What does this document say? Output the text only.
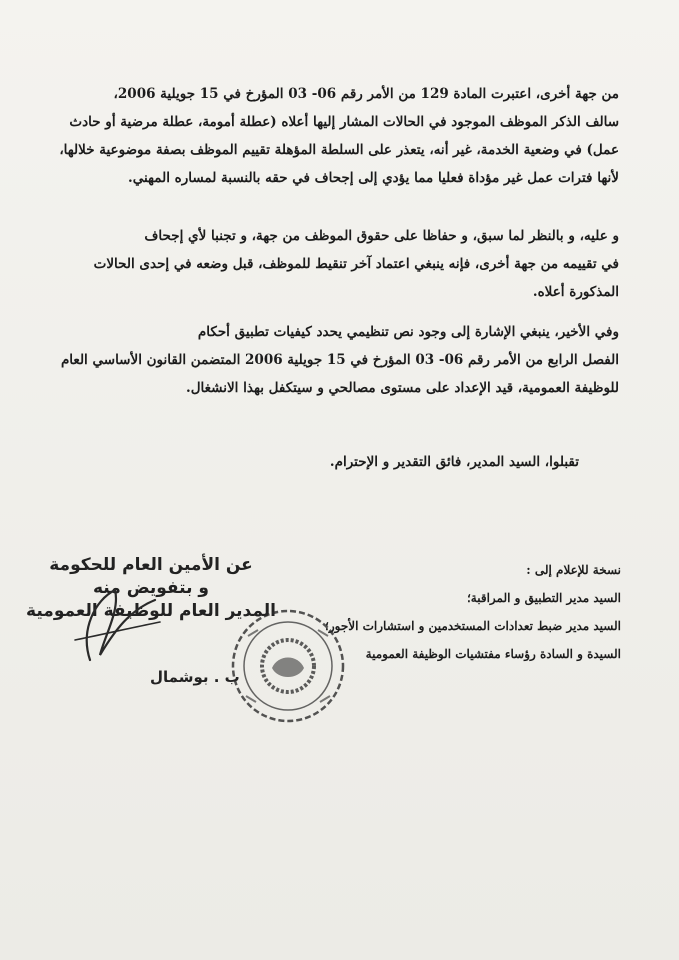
من جهة أخرى، اعتبرت المادة 129 من الأمر رقم 06- 03 المؤرخ في 15 جويلية 2006،

سالف الذكر الموظف الموجود في الحالات المشار إليها أعلاه (عطلة أمومة، عطلة مرضية أو حادث

عمل) في وضعية الخدمة، غير أنه، يتعذر على السلطة المؤهلة تقييم الموظف بصفة موضوعية خلالها،

لأنها فترات عمل غير مؤداة فعليا مما يؤدي إلى إجحاف في حقه بالنسبة لمساره المهني.

و عليه، و بالنظر لما سبق، و حفاظا على حقوق الموظف من جهة، و تجنبا لأي إجحاف

في تقييمه من جهة أخرى، فإنه ينبغي اعتماد آخر تنقيط للموظف، قبل وضعه في إحدى الحالات

المذكورة أعلاه.

وفي الأخير، ينبغي الإشارة إلى وجود نص تنظيمي يحدد كيفيات تطبيق أحكام

الفصل الرابع من الأمر رقم 06- 03 المؤرخ في 15 جويلية 2006 المتضمن القانون الأساسي العام

للوظيفة العمومية، قيد الإعداد على مستوى مصالحي و سيتكفل بهذا الانشغال.

تقبلوا، السيد المدير، فائق التقدير و الإحترام.
نسخة للإعلام إلى :
السيد مدير التطبيق و المراقبة؛
السيد مدير ضبط تعدادات المستخدمين و استشارات الأجور؛
السيدة و السادة رؤساء مفتشيات الوظيفة العمومية
عن الأمين العام للحكومة
و بتفويض منه
المدير العام للوظيفة العمومية
ب . بوشمال
